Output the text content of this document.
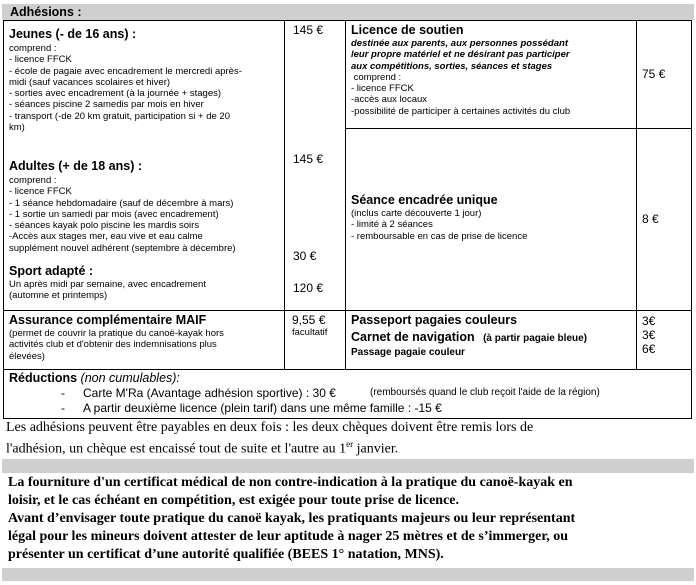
Adhésions :
Jeunes (- de 16 ans) :
comprend :
- licence FFCK
- école de pagaie avec encadrement le mercredi après-
midi (sauf vacances scolaires et hiver)
- sorties avec encadrement (à la journée + stages)
- séances piscine 2 samedis par mois en hiver
- transport (-de 20 km gratuit, participation si + de 20
km)
145 €
Adultes (+ de 18 ans) :
comprend :
- licence FFCK
- 1 séance hebdomadaire (sauf de décembre à mars)
- 1 sortie un samedi par mois (avec encadrement)
- séances kayak polo piscine les mardis soirs
-Accès aux stages mer, eau vive et eau calme
supplément nouvel adhérent (septembre à décembre)
145 €
30 €
Sport adapté :
Un après midi par semaine, avec encadrement
(automne et printemps)
120 €
Licence de soutien
destinée aux parents, aux personnes possédant
leur propre matériel et ne désirant pas participer
aux compétitions, sorties, séances et stages
comprend :
- licence FFCK
-accès aux locaux
-possibilité de participer à certaines activités du club
75 €
Séance encadrée unique
(inclus carte découverte 1 jour)
- limité à 2 séances
- remboursable en cas de prise de licence
8 €
Assurance complémentaire MAIF
(permet de couvrir la pratique du canoë-kayak hors
activités club et d'obtenir des indemnisations plus
élevées)
9,55 €
facultatif
Passeport pagaies couleurs
Carnet de navigation (à partir pagaie bleue)
Passage pagaie couleur
3€
3€
6€
Réductions (non cumulables):
- Carte M'Ra (Avantage adhésion sportive) : 30 €	(remboursés quand le club reçoit l'aide de la région)
- A partir deuxième licence (plein tarif) dans une même famille : -15 €
Les adhésions peuvent être payables en deux fois : les deux chèques doivent être remis lors de
l'adhésion, un chèque est encaissé tout de suite et l'autre au 1er janvier.
La fourniture d'un certificat médical de non contre-indication à la pratique du canoë-kayak en
loisir, et le cas échéant en compétition, est exigée pour toute prise de licence.
Avant d’envisager toute pratique du canoë kayak, les pratiquants majeurs ou leur représentant
légal pour les mineurs doivent attester de leur aptitude à nager 25 mètres et de s’immerger, ou
présenter un certificat d’une autorité qualifiée (BEES 1° natation, MNS).
